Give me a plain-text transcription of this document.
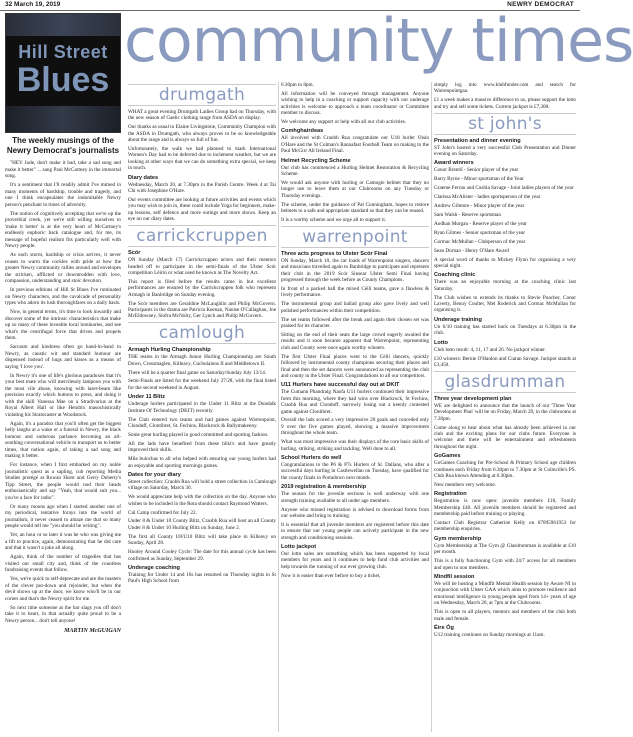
32 March 19, 2019	NEWRY DEMOCRAT
community times
Hill Street
Blues
The weekly musings of the Newry Democrat's journalists

"HEY Jude, don't make it bad, take a sad song and make it better" ... sang Paul McCartney in the immortal song.

It's a sentiment that I'll readily admit I've mimed in many moments of hardship, trouble and tragedy, and one I think encapsulates the indomitable Newry person's penchant in times of adversity.

The notion of cognitively accepting that we're up the proverbial creek, yet we're still willing ourselves to 'make it better' is at the very heart of McCartney's endlessly euphoric back catalogue and, for me, its message of hopeful realism fits particularly well with Newry people.

As each storm, hardship or crisis arrives, it never ceases to warm the cockles with pride at how the greater Newry community rallies around and envelopes the stricken, afflicted or downtrodden with love, compassion, understanding and stoic devotion.

In previous editions of Hill St Blues I've ruminated on Newry characters, and the cavalcade of personality types who adorn its lush thoroughfares on a daily basis.

Now, in general terms, it's time to look inwardly and discover some of the intrinsic characteristics that make up so many of these loveable local luminaries, and see what's the centrifugal force that drives and propels them.

Sarcasm and kindness often go hand-in-hand in Newry, as caustic wit and standard humour are dispensed instead of hugs and kisses as a means of saying 'I love you'.

In Newry it's one of life's glorious paradoxes that it's your best mate who will mercilessly lampoon you with the most vile abuse, knowing with laser-beam like precision exactly which buttons to press, and doing it with the skill Vanessa Mae on a Stradivarius at the Royal Albert Hall or like Hendrix masochistically violating his Stratocaster at Woodstock.

Again, it's a paradox that you'll often get the biggest belly laughs at a wake or a funeral in Newry, the black humour and sudorous parlance becoming an all-soothing conversational vehicle to transport us to better times, that notion again, of taking a sad song and making it better.

For instance, when I first embarked on my noble journalistic quest as a sapling, cub reporting Media Studies protégé at Rowan Hurst and Gerry Doherty's Tipp Street, the people would nod their heads enthusiastically and say "Yeah, that would suit you... you've a face for radio".

Or many moons ago when I started another one of my periodical, tentative forays into the world of journalism, it never ceased to amaze me that so many people would tell me "you should be writing".

Yet, an hour or so later it was he who was giving me a lift to practice, again, demonstrating that he did care and that it wasn't a joke all along.

Again, think of the number of tragedies that has visited our small city and, think of the countless fundraising events that follow.

Yes, we're quick to self-deprecate and are the masters of the clever put-down and rejoinder, but when the devil shows up at the door, we know who'll be in our corner and that's the Newry spirit for me.

So next time someone at the bar slags you off don't take it to heart, in that actually quite proud to be a Newry person... don't tell anyone!

MARTIN McGUIGAN
drumgath

WHAT a great evening Drumgath Ladies Group had on Thursday, with the new season of Gaelic clothing range from ASDA on display.

Our thanks as usual to Elaine Livingstone, Community Champion with the ASDA in Drumgath, who always proves to be so knowledgeable about the range and is always so full of fun.

Unfortunately, the walk we had planned to mark International Women's Day had to be deferred due to inclement weather, but we are looking at other ways that we can do something extra special, we keep in touch.

Diary dates

Wednesday, March 20, at 7.30pm in the Parish Centre. Week 4 at Tai Chi with Josephine O'Hare.

Our events committee are looking at future activities and events which you may wish to join in, these could include Yoga for beginners, make-up lessons, self defence and more outings and more shows. Keep an eye on our diary dates.

carrickcruppen
Scór

ON Sunday (March 17) Carrickcruppen actors and their mentors headed off to participate in the semi-finals of the Ulster Scór competition Léiriú or what used be known as The Novelty Act.

This report is filed before the results came in but excellent performances are ensured by the Carrickcruppen folk who represent Armagh in Banbridge on Sunday evening.

The Scór members are Geraldine McLaughlin and Philip McGovern. Participants in the drama are Patricia Keenan, Naoise O'Callaghan, Joe McEldowney, Siofra McNulty, Ger Lynch and Philip McGovern.

camlough
Armagh Hurling Championship

THE teams in the Armagh Junior Hurling Championship are South Down, Crossmaglen, Killeavy, Cuchulainns II and Middletown II.

There will be a quarter final game on Saturday/Sunday July 13/14.

Semi-Finals are listed for the weekend July 27/28, with the final listed for the second weekend in August.

Under 11 Blitz

Underage hurlers participated in the Under 11 Blitz at the Dundalk Institute Of Technology (DKIT) recently.

The Club entered two teams and had games against Warrenpoint, Clonduff, Clontibret, St. Fechins, Blackrock & Ballymakenny.

Some great hurling played in good committed and sporting fashion.

All the lads have benefited from these blitz's and have greatly improved their skills.

Mile buíochas to all who helped with ensuring our young hurlers had an enjoyable and sporting mornings games.

Dates for your diary

Street collection: Craobh Rua will hold a street collection in Camlough village on Saturday, March 30.

We would appreciate help with the collection on the day. Anyone who wishes to be included in the Rota should contact Raymond Watters.

Cúl Camp confirmed for July 22.

Under 8 & Under 10 County Blitz, Craobh Rua will host an all County Under 8 & Under 10 Hurling Blitz on Sunday, June 2.

The first all County U8/U10 Blitz will take place in Killeavy on Sunday, April 28.

Hooley Around Cooley Cycle: The date for this annual cycle has been confirmed as Sunday, September 29.

Underage coaching

Training for Under 14 and 16s has resumed on Thursday nights in St Paul's High School from

6.30pm to 8pm.

All information will be conveyed through management. Anyone wishing to help in a coaching or support capacity with our underage activities is welcome to approach a team coordinator or Committee member to discuss.

We welcome any support or help with all our club activities.

Comhghairdeas

All involved with Craobh Rua congratulate our U18 hurler Oisín O'Hare and the St Colman's Rannafast Football Team on making to the Paul McGirr All Ireland Final.

Helmet Recycling Scheme

Our club has commenced a Hurling Helmet Restoration & Recycling Scheme.

We would ask anyone with hurling or Camogie helmet that they no longer use to leave them at our Clubrooms on any Tuesday or Thursday evenings.

The scheme, under the guidance of Pat Cunningham, hopes to restore helmets to a safe and appropriate standard so that they can be reused.

It is a worthy scheme and we urge all to support it.

warrenpoint
Three acts progress to Ulster Scór Final

ON Sunday, March 10, the car loads of Warrenpoint singers, dancers and musicians travelled again to Banbridge to participate and represent their club in the 2019 Scór Sinsear Ulster Semi Final having progressed through the week before as County Champions.

In front of a packed hall the mixed Céilí teams, gave a flawless & lively performance.

The instrumental group and ballad group also gave lively and well polished performances within their competition.

The set teams followed after the break and again their chosen set was praised for its character.

Sitting on the end of their seats the large crowd eagerly awaited the results and it soon became apparent that Warrenpoint, representing club and County were once again worthy winners.

The first Ulster Final places went to the Céilí dancers, quickly followed by instrumental county champions securing their places and final and then the set dancers were announced as representing the club and county in the Ulster Final. Congratulations to all our competitors.

U11 Hurlers have successful day out at DKIT

The Cumann Phandraig Naofa U11 hurlers continued their impressive form this morning, where they had wins over Blackrock, St Fechins, Craobh Rua and Clonduff, narrowly losing out a keenly contested game against Clontibret.

Overall the lads scored a very impressive 20 goals and conceded only 9 over the five games played, showing a massive improvement throughout the whole team.

What was most impressive was their displays of the core basic skills of hurling, striking, striking and tackling. Well done to all.

School Hurlers do well

Congratulations to the P6 & P7s Hurlers of St. Dallans, who after a successful days hurling in Castlewellan on Tuesday, have qualified for the county finals in Portadown next month.

2019 registration & membership

The season for the juvenile sections is well underway with one strength training available to all under age members.

Anyone who missed registration is advised to download forms from our website and bring to training.

It is essential that all juvenile members are registered before this date to ensure that our young people can actively participate in the new strength and conditioning sessions.

Lotto jackpot

Our lotto sales are something which has been supported by local members for years and it continues to help fund club activities and help towards the running of our ever growing club.

Now it is easier than ever before to buy a ticket,

simply log into www.klubfunder.com and search for Warrenpointgaa.

£1 a week makes a massive difference to us, please support the lotto and try and sell some tickets. Current jackpot is £7,300.

st john's
Presentation and dinner evening

ST John's hosted a very successful Club Presentation and Dinner evening on Saturday.

Award winners

Conor Brentil - Senior player of the year

Barry Byrne - Minor sportsman of the Year

Graeme Ferran and Cushla Savage - Joint ladies players of the year

Clarissa McAlister - ladies sportsperson of the year

Andrew Gilmore - Minor player of the year

Sam Walsh - Reserve sportsman

Aodhan Morgan - Reserve player of the year

Ryan Gilmes - Senior sportsman of the year

Cormac McMullan - Clubperson of the year

Sean Dornan - Henry O'Hare Award

A special word of thanks to Mickey Flynn for organising a very special night.

Coaching clinic

There was an enjoyable morning at the coaching clinic last Saturday.

The Club wishes to extends its thanks to Stevie Poacher, Conor Laverty, Benny Coulter, Mel Roderick and Cormac McMullan for organising it.

Underage training

Un 6/10 training has started back on Tuesdays at 6.30pm in the club.

Lotto

Club lotto result: 4, 11, 17 and 26. No jackpot winner.

£10 winners: Bernie O'Hanlon and Ciaran Savage. Jackpot stands at £3,450.

glasdrumman
Three year development plan

WE are delighted to announce that the launch of our 'Three Year Development Plan' will be on Friday, March 29, in the clubrooms at 7.30pm.

Come along to hear about what has already been achieved in our club and the exciting plans for our clubs future. Everyone is welcome and there will be entertainment and refreshments throughout the night.

GoGames

GoGames Coaching for Pre-School & Primary School age children continues each Friday from 6.30pm to 7.30pm at St Colmcille's PS. Club Rua knows Attending at 6.30pm.

New members very welcome.

Registration

Registration is now open: juvenile members £10, Family Membership £40. All juvenile members should be registered and membership paid before training or playing.

Contact Club Registrar Catherine Kelly on 07895961953 for membership enquiries.

Gym membership

Gym Membership at The Gym @ Glasdrumman is available at £10 per month.

This is a fully functioning Gym with 24/7 access for all members and open to non members.

Mindfil session

We will be hosting a Mindfit Mental Health session by Aware NI in conjunction with Ulster GAA which aims to promote resilience and emotional intelligence in young people aged from 14+ years of age on Wednesday, March 20, at 7pm at the Clubrooms.

This is open to all players, mentors and members of the club both male and female.

Éire Óg

U12 training continues on Sunday mornings at 11am.
